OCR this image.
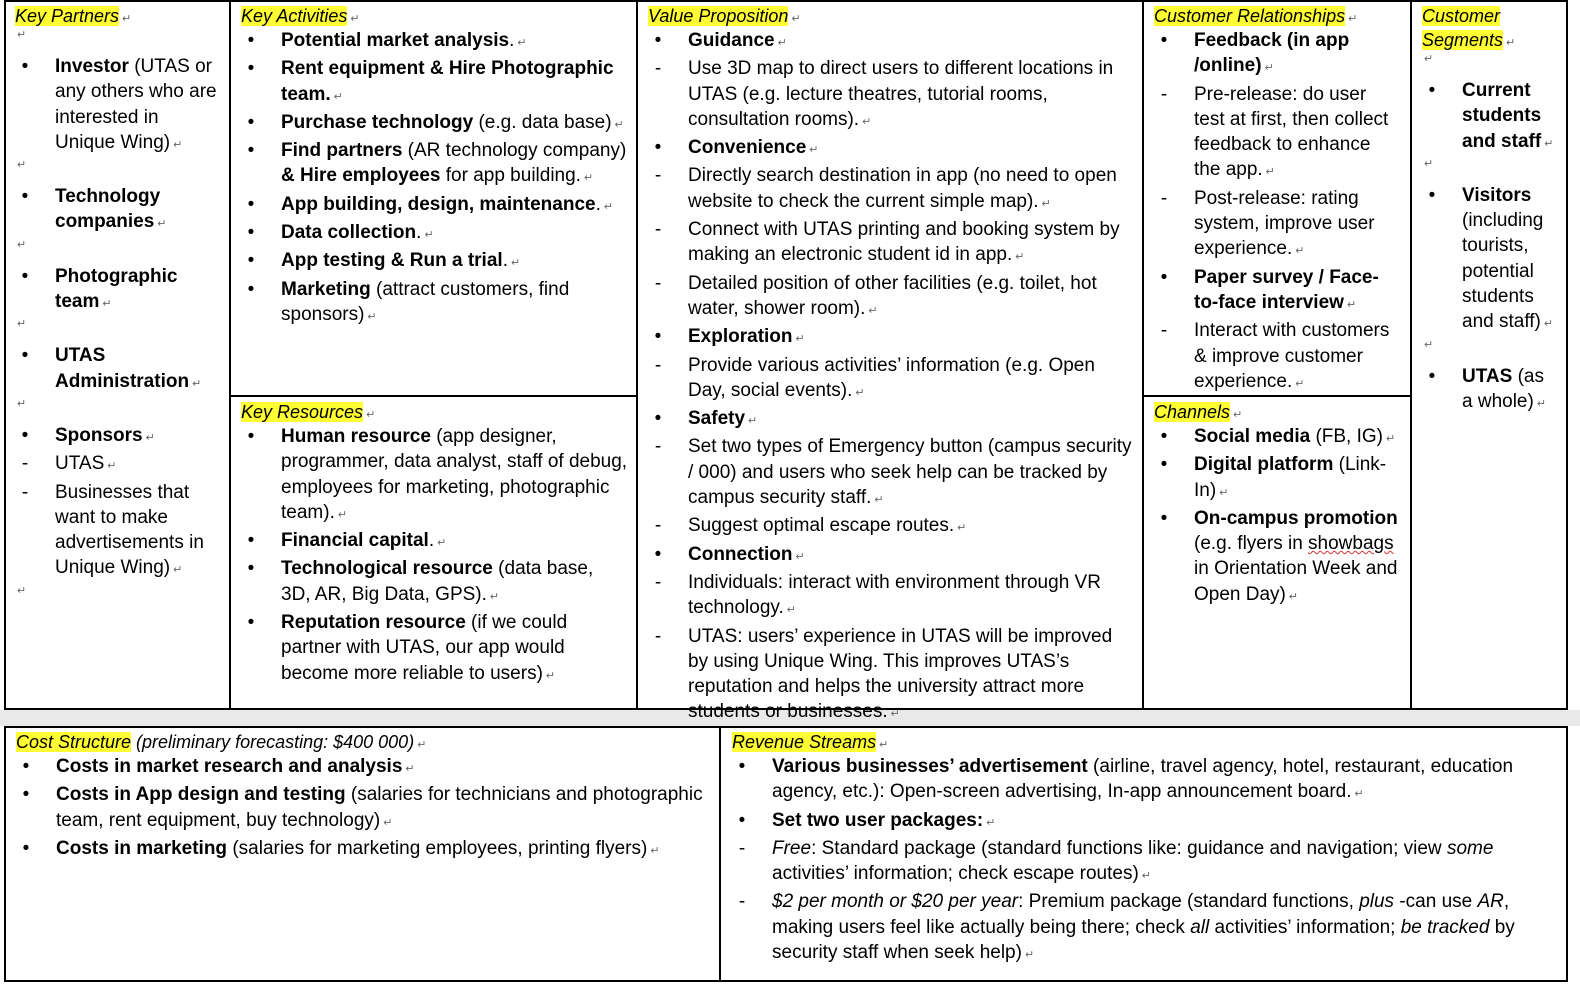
Key Partners ↵
↵
•	Investor (UTAS or any others who are interested in Unique Wing) ↵
↵
•	Technology companies ↵
↵
•	Photographic team ↵
↵
•	UTAS Administration ↵
↵
•	Sponsors ↵
-	UTAS ↵
-	Businesses that want to make advertisements in Unique Wing) ↵
↵
Key Activities ↵
•	Potential market analysis. ↵
•	Rent equipment & Hire Photographic team. ↵
•	Purchase technology (e.g. data base) ↵
•	Find partners (AR technology company) & Hire employees for app building. ↵
•	App building, design, maintenance. ↵
•	Data collection. ↵
•	App testing & Run a trial. ↵
•	Marketing (attract customers, find sponsors) ↵
Key Resources ↵
•	Human resource (app designer, programmer, data analyst, staff of debug, employees for marketing, photographic team). ↵
•	Financial capital. ↵
•	Technological resource (data base, 3D, AR, Big Data, GPS). ↵
•	Reputation resource (if we could partner with UTAS, our app would become more reliable to users) ↵
Value Proposition ↵
•	Guidance ↵
-	Use 3D map to direct users to different locations in UTAS (e.g. lecture theatres, tutorial rooms, consultation rooms). ↵
•	Convenience ↵
-	Directly search destination in app (no need to open website to check the current simple map). ↵
-	Connect with UTAS printing and booking system by making an electronic student id in app. ↵
-	Detailed position of other facilities (e.g. toilet, hot water, shower room). ↵
•	Exploration ↵
-	Provide various activities’ information (e.g. Open Day, social events). ↵
•	Safety ↵
-	Set two types of Emergency button (campus security / 000) and users who seek help can be tracked by campus security staff. ↵
-	Suggest optimal escape routes. ↵
•	Connection ↵
-	Individuals: interact with environment through VR technology. ↵
-	UTAS: users’ experience in UTAS will be improved by using Unique Wing. This improves UTAS’s reputation and helps the university attract more students or businesses. ↵
Customer Relationships ↵
•	Feedback (in app /online) ↵
-	Pre-release: do user test at first, then collect feedback to enhance the app. ↵
-	Post-release: rating system, improve user experience. ↵
•	Paper survey / Face-to-face interview ↵
-	Interact with customers & improve customer experience. ↵
Channels ↵
•	Social media (FB, IG) ↵
•	Digital platform (Link-In) ↵
•	On-campus promotion (e.g. flyers in showbags in Orientation Week and Open Day) ↵
Customer Segments ↵
↵
•	Current students and staff ↵
↵
•	Visitors (including tourists, potential students and staff) ↵
↵
•	UTAS (as a whole) ↵
Cost Structure (preliminary forecasting: $400 000) ↵
•	Costs in market research and analysis ↵
•	Costs in App design and testing (salaries for technicians and photographic team, rent equipment, buy technology) ↵
•	Costs in marketing (salaries for marketing employees, printing flyers) ↵
Revenue Streams ↵
•	Various businesses’ advertisement (airline, travel agency, hotel, restaurant, education agency, etc.): Open-screen advertising, In-app announcement board. ↵
•	Set two user packages: ↵
-	Free: Standard package (standard functions like: guidance and navigation; view some activities’ information; check escape routes) ↵
-	$2 per month or $20 per year: Premium package (standard functions, plus -can use AR, making users feel like actually being there; check all activities’ information; be tracked by security staff when seek help) ↵
